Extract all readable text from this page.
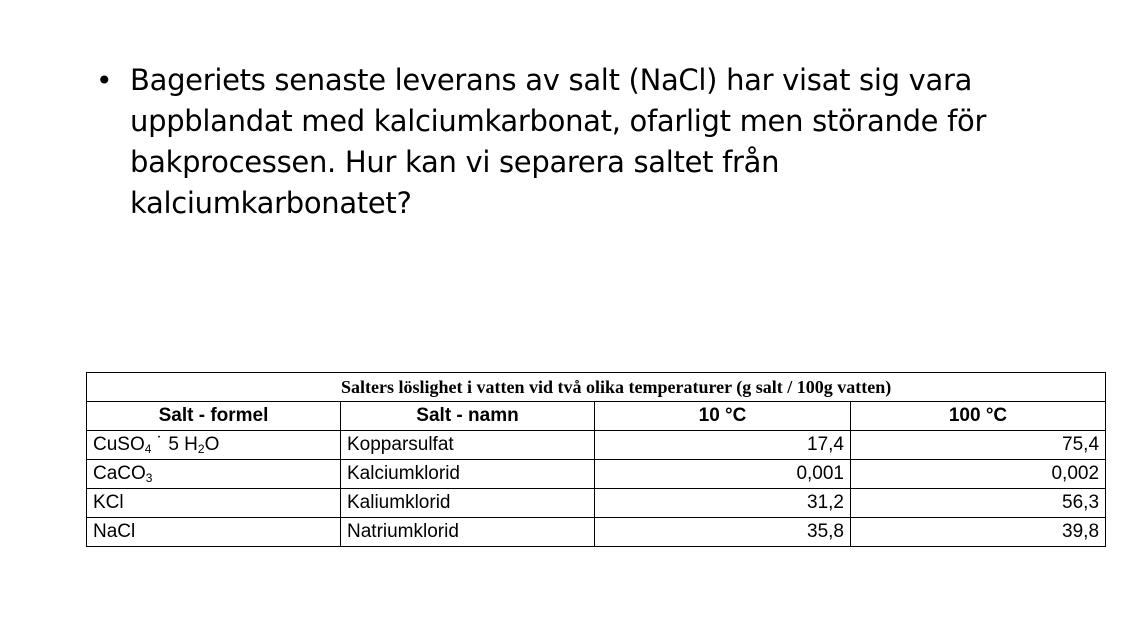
• Bageriets senaste leverans av salt (NaCl) har visat sig vara
uppblandat med kalciumkarbonat, ofarligt men störande för
bakprocessen. Hur kan vi separera saltet från
kalciumkarbonatet?
Salters löslighet i vatten vid två olika temperaturer (g salt / 100g vatten)			

Salt - formel	Salt - namn	10 °C	100 °C
CuSO$_4$ ˙ 5 $H_2O$	Kopparsulfat	17,4	75,4
CaCO$_3$	Kalciumklorid	0,001	0,002
KCl	Kaliumklorid	31,2	56,3
NaCl	Natriumklorid	35,8	39,8
